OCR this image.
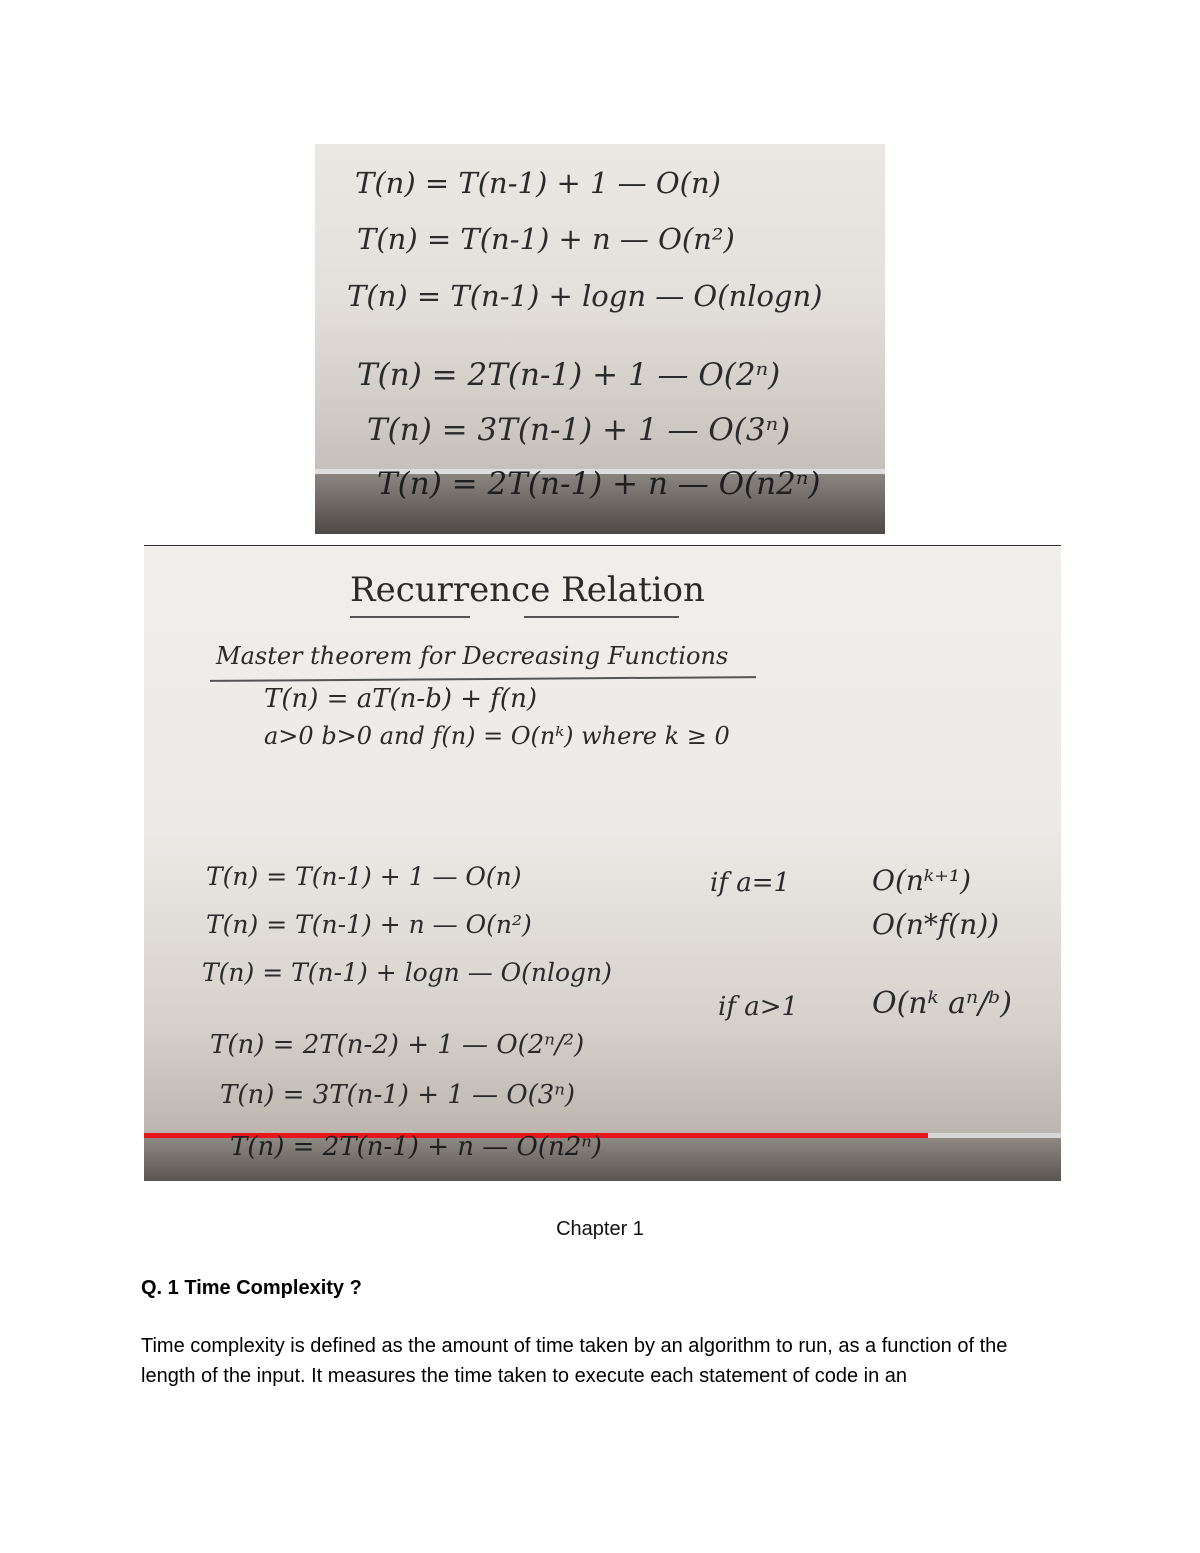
T(n) = T(n-1) + 1 — O(n)

T(n) = T(n-1) + n — O(n²)

T(n) = T(n-1) + logn — O(nlogn)

T(n) = 2T(n-1) + 1 — O(2ⁿ)

T(n) = 3T(n-1) + 1 — O(3ⁿ)

T(n) = 2T(n-1) + n — O(n2ⁿ)

Recurrence Relation

Master theorem for Decreasing Functions

T(n) = aT(n-b) + f(n)

a>0 b>0 and f(n) = O(nᵏ) where k ≥ 0

T(n) = T(n-1) + 1 — O(n)

T(n) = T(n-1) + n — O(n²)

T(n) = T(n-1) + logn — O(nlogn)

T(n) = 2T(n-2) + 1 — O(2ⁿ/²)

T(n) = 3T(n-1) + 1 — O(3ⁿ)

T(n) = 2T(n-1) + n — O(n2ⁿ)

if a=1	O(nᵏ⁺¹)

O(n*f(n))

if a>1 O(nᵏ aⁿ/ᵇ)

Chapter 1
Q. 1 Time Complexity ?
Time complexity is defined as the amount of time taken by an algorithm to run, as a function of the length of the input. It measures the time taken to execute each statement of code in an
